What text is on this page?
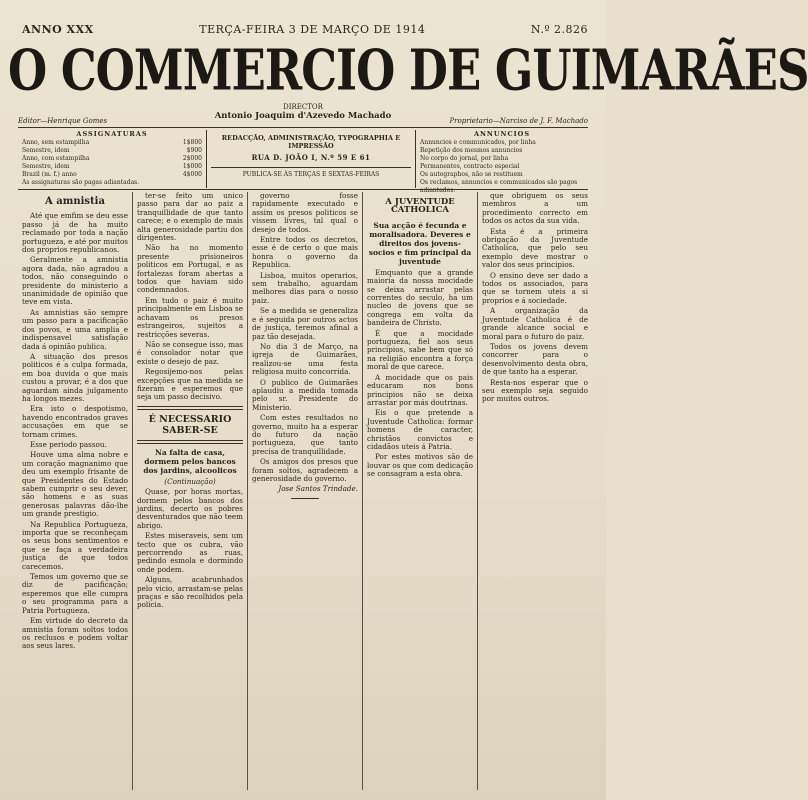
ANNO XXX	TERÇA-FEIRA 3 DE MARÇO DE 1914	N.º 2.826
O COMMERCIO DE GUIMARÃES
DIRECTOR
Antonio Joaquim d'Azevedo Machado
Editor—Henrique Gomes	Proprietario—Narciso de J. F. Machado
ASSIGNATURAS
Anno, sem estampilha	1$800
Semestre, idem	$900
Anno, com estampilha	2$000
Semestre, idem	1$000
Brazil (m. f.) anno	4$000
As assignaturas são pagas adiantadas.
REDACÇÃO, ADMINISTRAÇÃO, TYPOGRAPHIA E IMPRESSÃO
RUA D. JOÃO I, N.º 59 E 61
PUBLICA-SE ÀS TERÇAS E SEXTAS-FEIRAS
ANNUNCIOS
Annuncios e communicados, por linha
Repetição dos mesmos annuncios
No corpo do jornal, por linha
Permanentes, contracto especial
Os autographos, não se restituem
Os reclamos, annuncios e communicados são pagos adiantados.
A amnistia

Até que emfim se deu esse passo já de ha muito reclamado por toda a nação portugueza, e até por muitos dos proprios republicanos.

Geralmente a amnistia agora dada, não agradou a todos, não conseguindo o presidente do ministerio a unanimidade de opinião que teve em vista.

As amnistias são sempre um passo para a pacificação dos povos, e uma amplia e indispensavel satisfação dada á opinião publica.

A situação dos presos politicos é a culpa formada, em boa duvida o que mais custou a provar, é a dos que aguardam ainda julgamento ha longos mezes.

Era isto o despotismo, havendo encontrados graves accusações em que se tornam crimes.

Esse periodo passou.

Houve uma alma nobre e um coração magnanimo que deu um exemplo frisante de que Presidentes do Estado sabem cumprir o seu dever, são homens e as suas generosas palavras dão-lhe um grande prestigio.

Na Republica Portugueza, importa que se reconheçam os seus bons sentimentos e que se faça a verdadeira justiça de que todos carecemos.

Temos um governo que se diz de pacificação; esperemos que elle cumpra o seu programma para a Patria Portugueza.

Em virtude do decreto da amnistia foram soltos todos os reclusos e podem voltar aos seus lares.

ter-se feito um unico passo para dar ao paiz a tranquillidade de que tanto carece; e o exemplo de mais alta generosidade partiu dos dirigentes.

Não ha no momento presente prisioneiros politicos em Portugal, e as fortalezas foram abertas a todos que haviam sido condemnados.

Em tudo o paiz é muito principalmente em Lisboa se achavam os presos estrangeiros, sujeitos a restricções severas.

Não se consegue isso, mas é consolador notar que existe o desejo de paz.

Regosijemo-nos pelas excepções que na medida se fizeram e esperemos que seja um passo decisivo.

É NECESSARIO SABER-SE
Na falta de casa, dormem pelos bancos dos jardins, alcoolicos
(Continuação)

Quase, por horas mortas, dormem pelos bancos dos jardins, decerto os pobres desventurados que não teem abrigo.

Estes miseraveis, sem um tecto que os cubra, vão percorrendo as ruas, pedindo esmola e dormindo onde podem.

Alguns, acabrunhados pelo vicio, arrastam-se pelas praças e são recolhidos pela policia.

governo fosse rapidamente executado e assim os presos politicos se vissem livres, tal qual o desejo de todos.

Entre todos os decretos, esse é de certo o que mais honra o governo da Republica.

Lisboa, muitos operarios, sem trabalho, aguardam melhores dias para o nosso paiz.

Se a medida se generaliza e é seguida por outros actos de justiça, teremos afinal a paz tão desejada.

No dia 3 de Março, na igreja de Guimarães, realizou-se uma festa religiosa muito concorrida.

O publico de Guimarães aplaudiu a medida tomada pelo sr. Presidente do Ministerio.

Com estes resultados no governo, muito ha a esperar do futuro da nação portugueza, que tanto precisa de tranquillidade.

Os amigos dos presos que foram soltos, agradecem a generosidade do governo.

Jose Santos Trindade.
A JUVENTUDE CATHOLICA
Sua acção é fecunda e moralisadora. Deveres e direitos dos jovens-socios e fim principal da juventude

Emquanto que a grande maioria da nossa mocidade se deixa arrastar pelas correntes do seculo, ha um nucleo de jovens que se congrega em volta da bandeira de Christo.

É que a mocidade portugueza, fiel aos seus principios, sabe bem que só na religião encontra a força moral de que carece.

A mocidade que os pais educaram nos bons principios não se deixa arrastar por más doutrinas.

Eis o que pretende a Juventude Catholica: formar homens de caracter, christãos convictos e cidadãos uteis á Patria.

Por estes motivos são de louvar os que com dedicação se consagram a esta obra.

que obriguem os seus membros a um procedimento correcto em todos os actos da sua vida.

Esta é a primeira obrigação da Juventude Catholica, que pelo seu exemplo deve mostrar o valor dos seus principios.

O ensino deve ser dado a todos os associados, para que se tornem uteis a si proprios e á sociedade.

A organização da Juventude Catholica é de grande alcance social e moral para o futuro do paiz.

Todos os jovens devem concorrer para o desenvolvimento desta obra, de que tanto ha a esperar.

Resta-nos esperar que o seu exemplo seja seguido por muitos outros.
